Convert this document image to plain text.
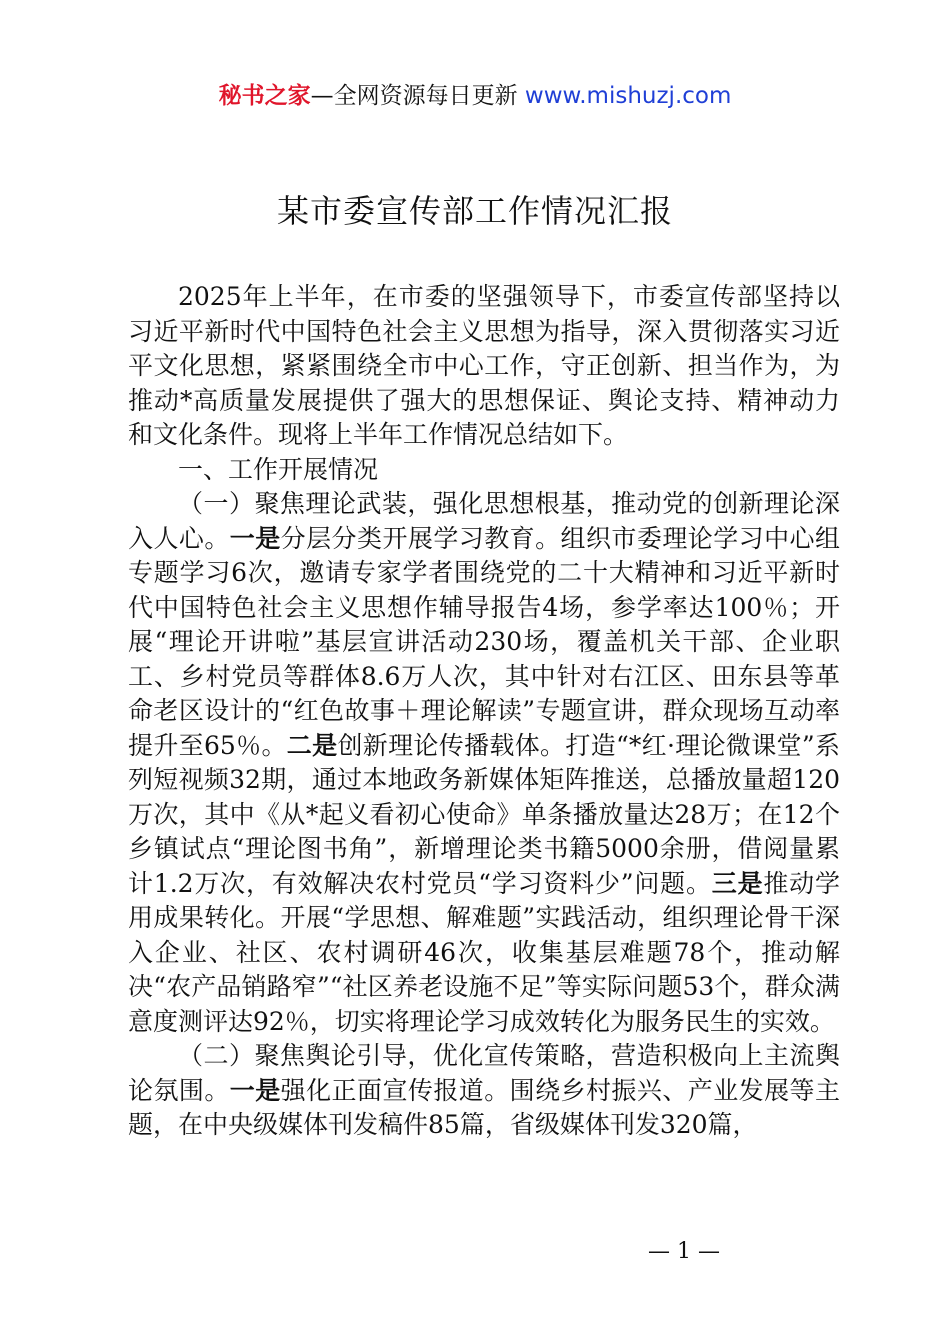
秘书之家—全网资源每日更新 www.mishuzj.com
某市委宣传部工作情况汇报

2025年上半年，在市委的坚强领导下，市委宣传部坚持以习近平新时代中国特色社会主义思想为指导，深入贯彻落实习近平文化思想，紧紧围绕全市中心工作，守正创新、担当作为，为推动*高质量发展提供了强大的思想保证、舆论支持、精神动力和文化条件。现将上半年工作情况总结如下。

一、工作开展情况

（一）聚焦理论武装，强化思想根基，推动党的创新理论深入人心。一是分层分类开展学习教育。组织市委理论学习中心组专题学习6次，邀请专家学者围绕党的二十大精神和习近平新时代中国特色社会主义思想作辅导报告4场，参学率达100％；开展“理论开讲啦”基层宣讲活动230场，覆盖机关干部、企业职工、乡村党员等群体8.6万人次，其中针对右江区、田东县等革命老区设计的“红色故事＋理论解读”专题宣讲，群众现场互动率提升至65％。二是创新理论传播载体。打造“*红·理论微课堂”系列短视频32期，通过本地政务新媒体矩阵推送，总播放量超120万次，其中《从*起义看初心使命》单条播放量达28万；在12个乡镇试点“理论图书角”，新增理论类书籍5000余册，借阅量累计1.2万次，有效解决农村党员“学习资料少”问题。三是推动学用成果转化。开展“学思想、解难题”实践活动，组织理论骨干深入企业、社区、农村调研46次，收集基层难题78个，推动解决“农产品销路窄”“社区养老设施不足”等实际问题53个，群众满意度测评达92％，切实将理论学习成效转化为服务民生的实效。

（二）聚焦舆论引导，优化宣传策略，营造积极向上主流舆论氛围。一是强化正面宣传报道。围绕乡村振兴、产业发展等主题，在中央级媒体刊发稿件85篇，省级媒体刊发320篇，

— 1 —
